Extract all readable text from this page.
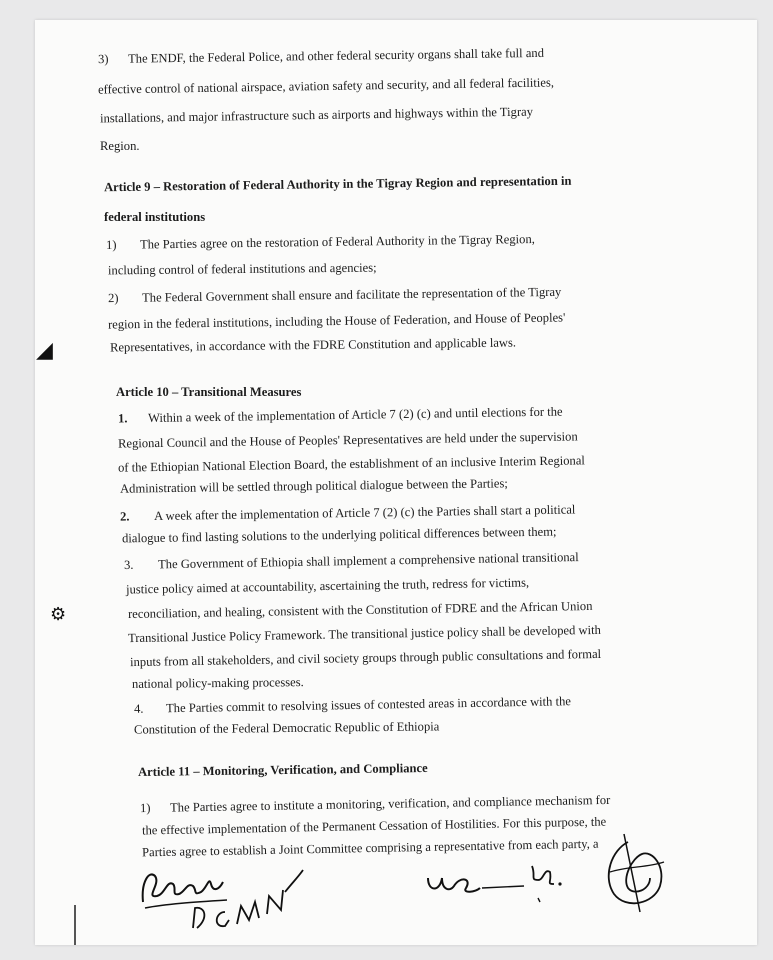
◢
⚙
3) The ENDF, the Federal Police, and other federal security organs shall take full and
effective control of national airspace, aviation safety and security, and all federal facilities,
installations, and major infrastructure such as airports and highways within the Tigray
Region.
Article 9 – Restoration of Federal Authority in the Tigray Region and representation in
federal institutions
1) The Parties agree on the restoration of Federal Authority in the Tigray Region,
including control of federal institutions and agencies;
2) The Federal Government shall ensure and facilitate the representation of the Tigray
region in the federal institutions, including the House of Federation, and House of Peoples'
Representatives, in accordance with the FDRE Constitution and applicable laws.
Article 10 – Transitional Measures
1. Within a week of the implementation of Article 7 (2) (c) and until elections for the
Regional Council and the House of Peoples' Representatives are held under the supervision
of the Ethiopian National Election Board, the establishment of an inclusive Interim Regional
Administration will be settled through political dialogue between the Parties;
2. A week after the implementation of Article 7 (2) (c) the Parties shall start a political
dialogue to find lasting solutions to the underlying political differences between them;
3. The Government of Ethiopia shall implement a comprehensive national transitional
justice policy aimed at accountability, ascertaining the truth, redress for victims,
reconciliation, and healing, consistent with the Constitution of FDRE and the African Union
Transitional Justice Policy Framework. The transitional justice policy shall be developed with
inputs from all stakeholders, and civil society groups through public consultations and formal
national policy-making processes.
4. The Parties commit to resolving issues of contested areas in accordance with the
Constitution of the Federal Democratic Republic of Ethiopia
Article 11 – Monitoring, Verification, and Compliance
1) The Parties agree to institute a monitoring, verification, and compliance mechanism for
the effective implementation of the Permanent Cessation of Hostilities. For this purpose, the
Parties agree to establish a Joint Committee comprising a representative from each party, a
